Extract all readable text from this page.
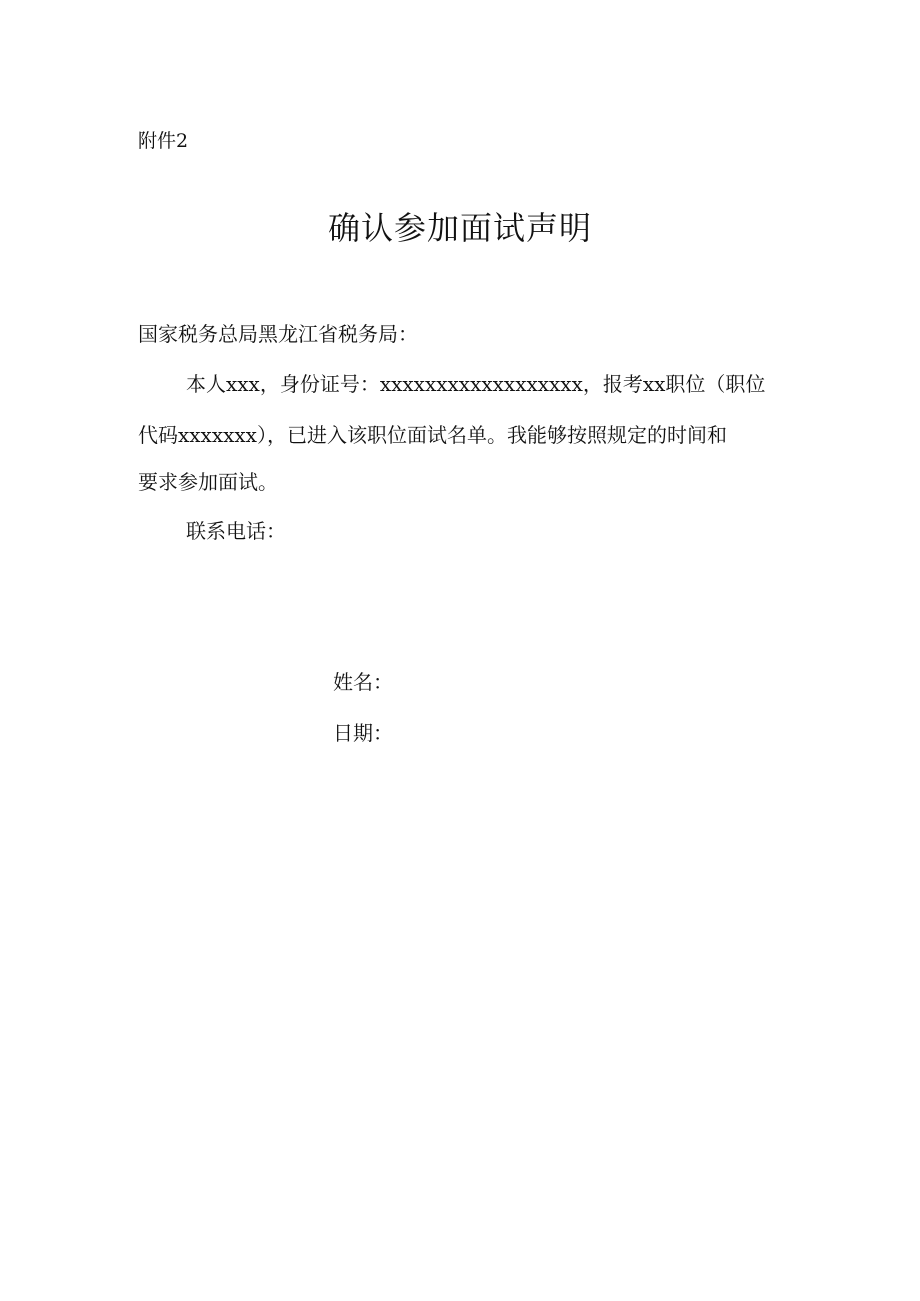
附件2
确认参加面试声明
国家税务总局黑龙江省税务局：
本人xxx，身份证号：xxxxxxxxxxxxxxxxxx，报考xx职位（职位
代码xxxxxxx），已进入该职位面试名单。我能够按照规定的时间和
要求参加面试。
联系电话：
姓名：
日期：
